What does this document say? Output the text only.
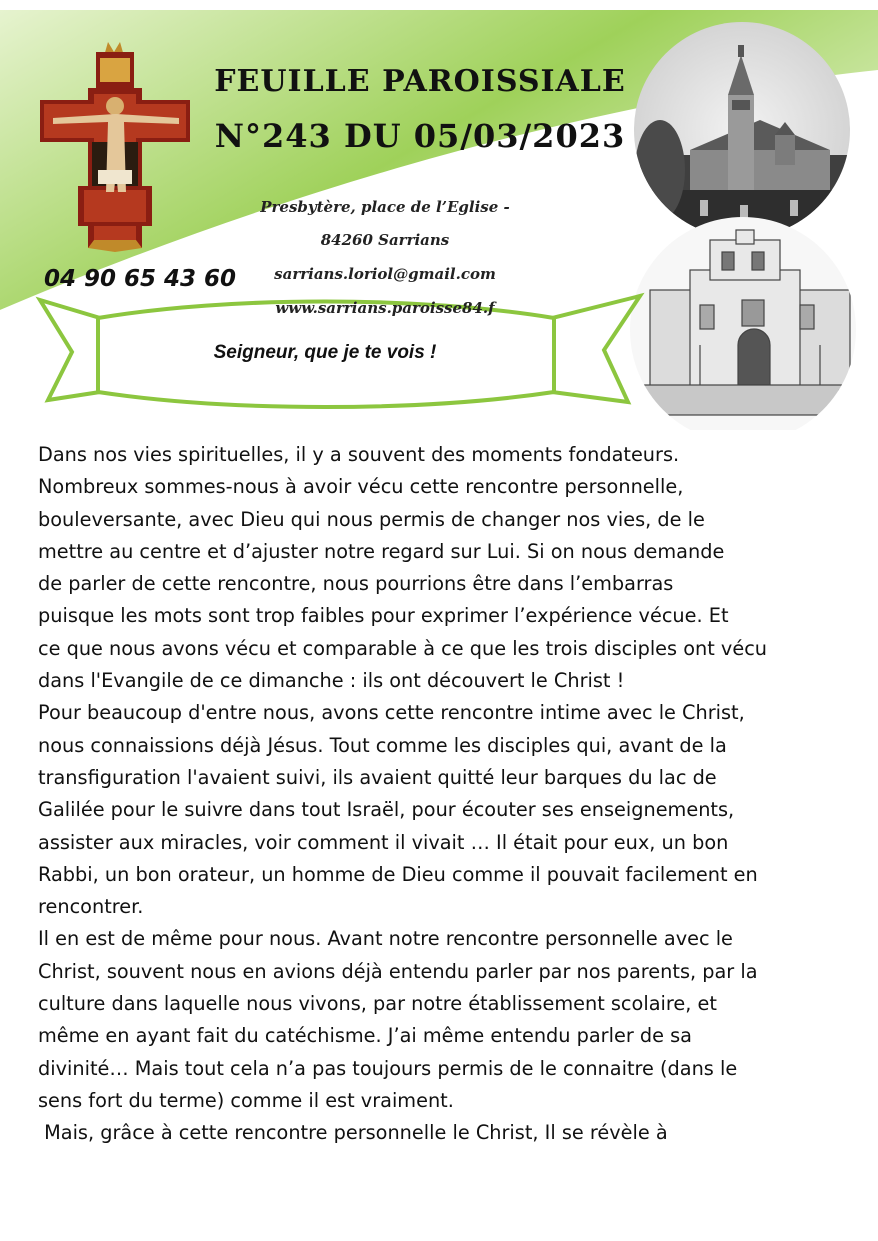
FEUILLE PAROISSIALE
N°243 DU 05/03/2023
Presbytère, place de l’Eglise -
84260 Sarrians
sarrians.loriol@gmail.com
www.sarrians.paroisse84.f
04 90 65 43 60
Seigneur, que je te vois !
Dans nos vies spirituelles, il y a souvent des moments fondateurs.
Nombreux sommes-nous à avoir vécu cette rencontre personnelle,
bouleversante, avec Dieu qui nous permis de changer nos vies, de le
mettre au centre et d’ajuster notre regard sur Lui. Si on nous demande
de parler de cette rencontre, nous pourrions être dans l’embarras
puisque les mots sont trop faibles pour exprimer l’expérience vécue. Et
ce que nous avons vécu et comparable à ce que les trois disciples ont vécu
dans l'Evangile de ce dimanche : ils ont découvert le Christ !
Pour beaucoup d'entre nous, avons cette rencontre intime avec le Christ,
nous connaissions déjà Jésus. Tout comme les disciples qui, avant de la
transfiguration l'avaient suivi, ils avaient quitté leur barques du lac de
Galilée pour le suivre dans tout Israël, pour écouter ses enseignements,
assister aux miracles, voir comment il vivait … Il était pour eux, un bon
Rabbi, un bon orateur, un homme de Dieu comme il pouvait facilement en
rencontrer.
Il en est de même pour nous. Avant notre rencontre personnelle avec le
Christ, souvent nous en avions déjà entendu parler par nos parents, par la
culture dans laquelle nous vivons, par notre établissement scolaire, et
même en ayant fait du catéchisme. J’ai même entendu parler de sa
divinité… Mais tout cela n’a pas toujours permis de le connaitre (dans le
sens fort du terme) comme il est vraiment.
Mais, grâce à cette rencontre personnelle le Christ, Il se révèle à
